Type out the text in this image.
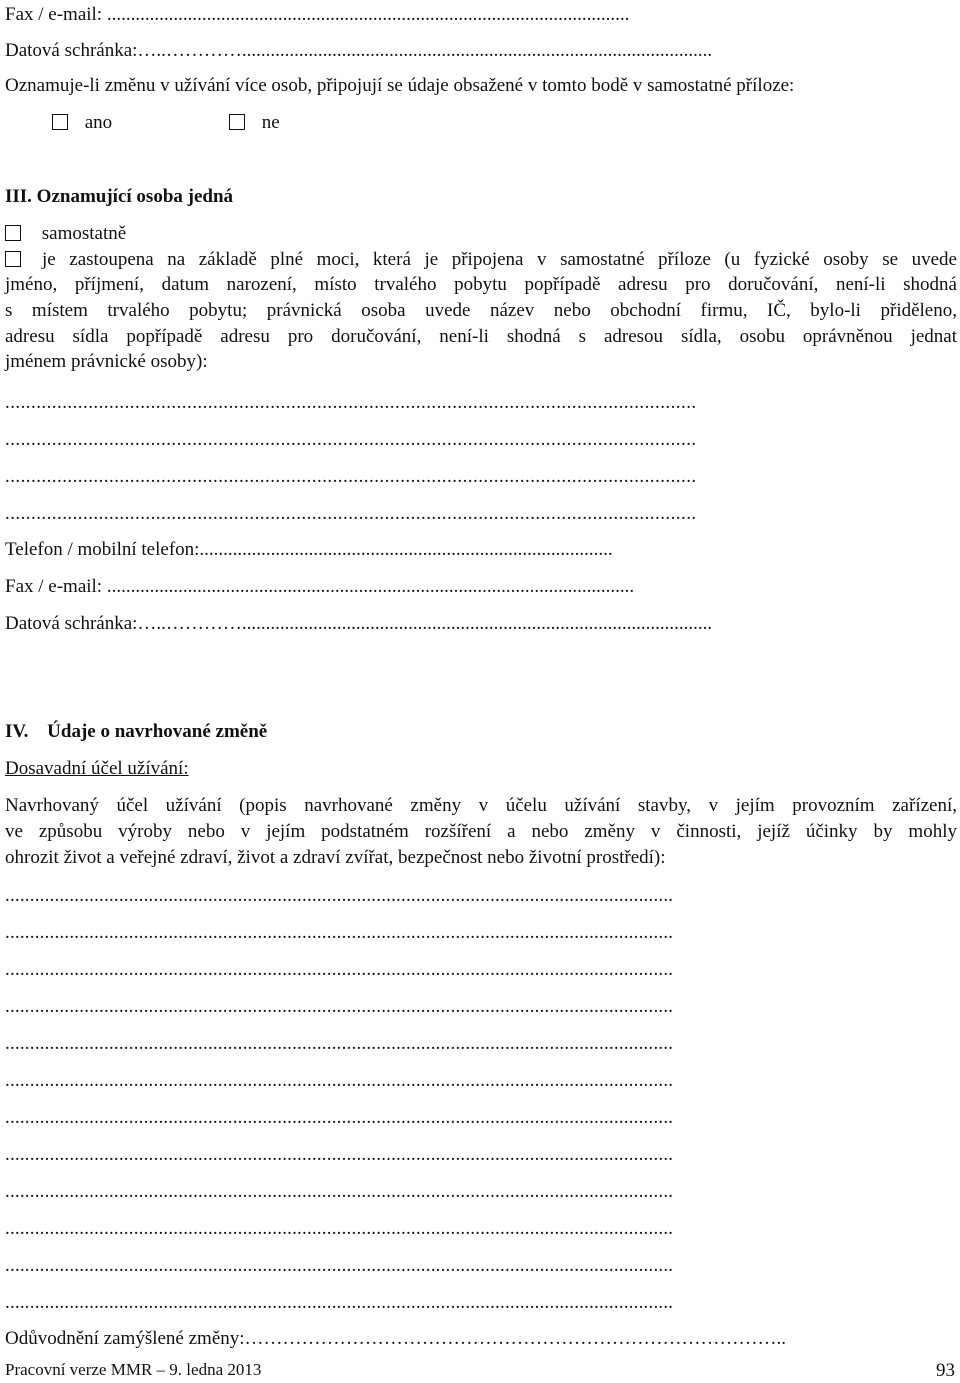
Fax / e-mail: ..............................................................................................................
Datová schránka:…..…………...................................................................................................
Oznamuje-li změnu v užívání více osob, připojují se údaje obsažené v tomto bodě v samostatné příloze:
ano	ne
III. Oznamující osoba jedná
samostatně
je zastoupena na základě plné moci, která je připojena v samostatné příloze (u fyzické osoby se uvede
jméno, příjmení, datum narození, místo trvalého pobytu popřípadě adresu pro doručování, není-li shodná
s místem trvalého pobytu; právnická osoba uvede název nebo obchodní firmu, IČ, bylo-li přiděleno,
adresu sídla popřípadě adresu pro doručování, není-li shodná s adresou sídla, osobu oprávněnou jednat
jménem právnické osoby):
.....................................................................................................................................
.....................................................................................................................................
.....................................................................................................................................
.....................................................................................................................................
Telefon / mobilní telefon:.......................................................................................
Fax / e-mail: ...............................................................................................................
Datová schránka:…..…………...................................................................................................
IV. Údaje o navrhované změně
Dosavadní účel užívání:
Navrhovaný účel užívání (popis navrhované změny v účelu užívání stavby, v jejím provozním zařízení,
ve způsobu výroby nebo v jejím podstatném rozšíření a nebo změny v činnosti, jejíž účinky by mohly
ohrozit život a veřejné zdraví, život a zdraví zvířat, bezpečnost nebo životní prostředí):
.......................................................................................................................................
.......................................................................................................................................
.......................................................................................................................................
.......................................................................................................................................
.......................................................................................................................................
.......................................................................................................................................
.......................................................................................................................................
.......................................................................................................................................
.......................................................................................................................................
.......................................................................................................................................
.......................................................................................................................................
.......................................................................................................................................
Odůvodnění zamýšlené změny:…………………………………………………………………………..
Pracovní verze MMR – 9. ledna 2013	93
